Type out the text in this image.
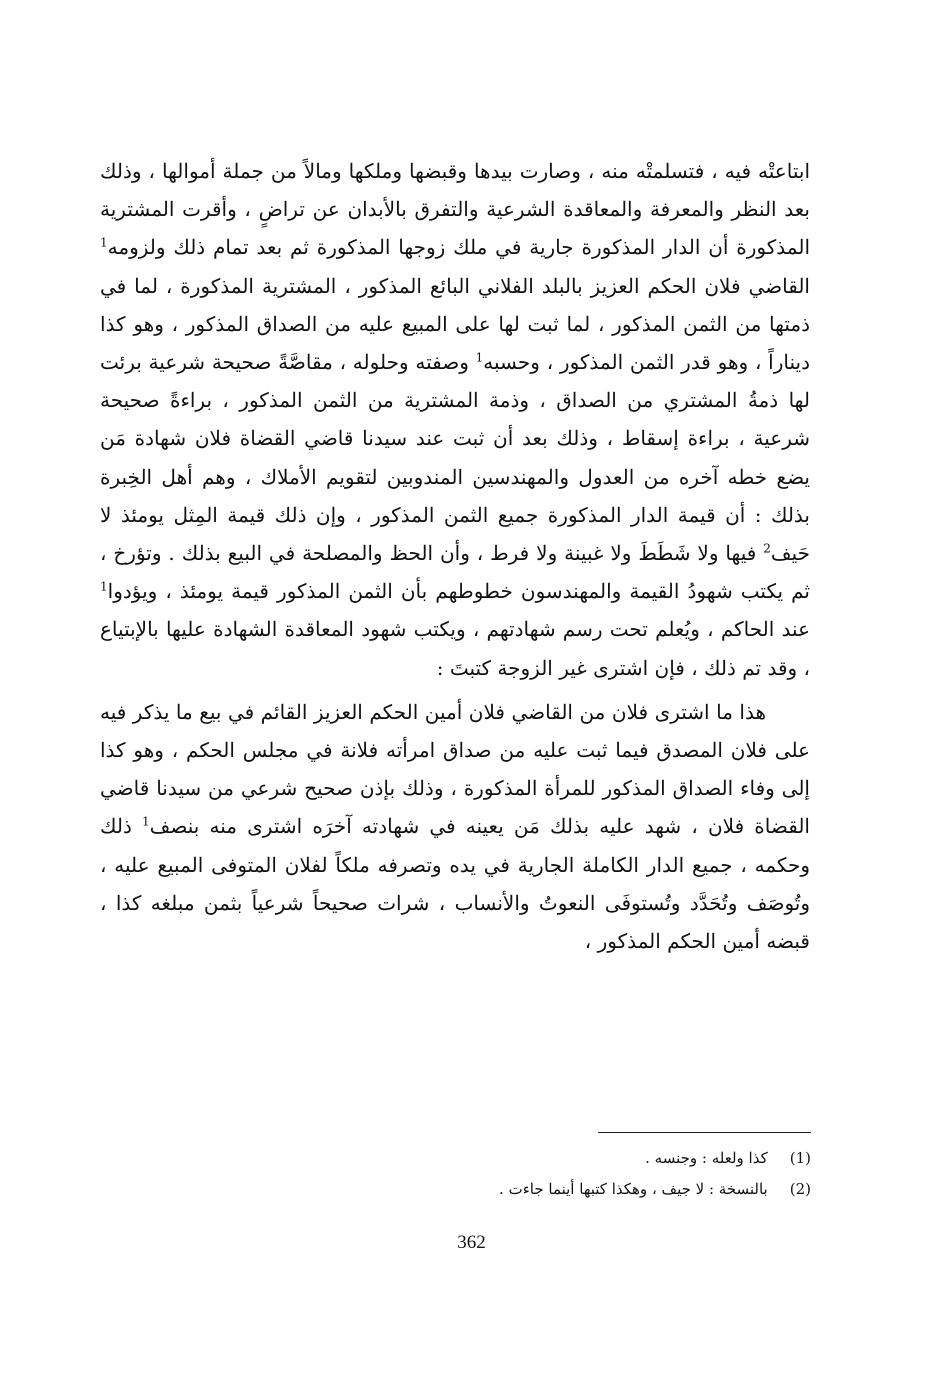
ابتاعتْه فيه ، فتسلمتْه منه ، وصارت بيدها وقبضها وملكها ومالاً من جملة أموالها ، وذلك بعد النظر والمعرفة والمعاقدة الشرعية والتفرق بالأبدان عن تراضٍ ، وأقرت المشترية المذكورة أن الدار المذكورة جارية في ملك زوجها المذكورة ثم بعد تمام ذلك ولزومه$^1$ القاضي فلان الحكم العزيز بالبلد الفلاني البائع المذكور ، المشترية المذكورة ، لما في ذمتها من الثمن المذكور ، لما ثبت لها على المبيع عليه من الصداق المذكور ، وهو كذا ديناراً ، وهو قدر الثمن المذكور ، وحسبه$^1$ وصفته وحلوله ، مقاصَّةً صحيحة شرعية برئت لها ذمةُ المشتري من الصداق ، وذمة المشترية من الثمن المذكور ، براءةً صحيحة شرعية ، براءة إسقاط ، وذلك بعد أن ثبت عند سيدنا قاضي القضاة فلان شهادة مَن يضع خطه آخره من العدول والمهندسين المندوبين لتقويم الأملاك ، وهم أهل الخِبرة بذلك : أن قيمة الدار المذكورة جميع الثمن المذكور ، وإن ذلك قيمة المِثل يومئذ لا حَيف$^2$ فيها ولا شَطَطَ ولا غبينة ولا فرط ، وأن الحظ والمصلحة في البيع بذلك . وتؤرخ ، ثم يكتب شهودُ القيمة والمهندسون خطوطهم بأن الثمن المذكور قيمة يومئذ ، ويؤدوا$^1$ عند الحاكم ، ويُعلم تحت رسم شهادتهم ، ويكتب شهود المعاقدة الشهادة عليها بالإبتياع ، وقد تم ذلك ، فإن اشترى غير الزوجة كتبتَ :

هذا ما اشترى فلان من القاضي فلان أمين الحكم العزيز القائم في بيع ما يذكر فيه على فلان المصدق فيما ثبت عليه من صداق امرأته فلانة في مجلس الحكم ، وهو كذا إلى وفاء الصداق المذكور للمرأة المذكورة ، وذلك بإذن صحيح شرعي من سيدنا قاضي القضاة فلان ، شهد عليه بذلك مَن يعينه في شهادته آخرَه اشترى منه بنصف$^1$ ذلك وحكمه ، جميع الدار الكاملة الجارية في يده وتصرفه ملكاً لفلان المتوفى المبيع عليه ، وتُوصَف وتُحَدَّد وتُستوفَى النعوتُ والأنساب ، شرات صحيحاً شرعياً بثمن مبلغه كذا ، قبضه أمين الحكم المذكور ،

(1)
كذا ولعله : وجنسه .
(2)
بالنسخة : لا جيف ، وهكذا كتبها أينما جاءت .
362
